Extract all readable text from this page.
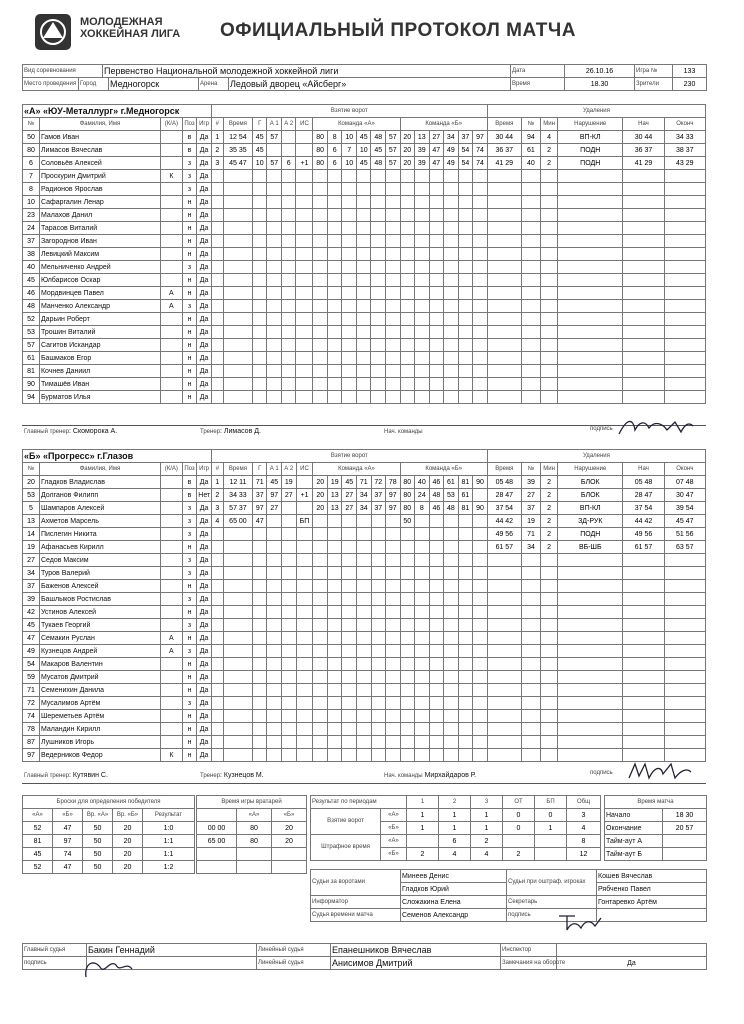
МОЛОДЕЖНАЯ
ХОККЕЙНАЯ ЛИГА ОФИЦИАЛЬНЫЙ ПРОТОКОЛ МАТЧА
Вид соревнования	Первенство Национальной молодежной хоккейной лиги	Дата	26.10.16	Игра №	133
Место проведения	Город	Медногорск	Арена	Ледовый дворец «Айсберг»	Время	18.30	Зрители	230
«А» «ЮУ-Металлург» г.Медногорск					Взятие ворот																		Удаления					
№	Фамилия, Имя	(К/А)	Поз	Игр	#	Время	Г	А 1	А 2	ИС	Команда «А»						Команда «Б»						Время	№	Мин	Нарушение	Нач	Оконч
50	Гамов Иван		в	Да	1	12 54	45	57			80	8	10	45	48	57	20	13	27	34	37	97	30 44	94	4	ВП-КЛ	30 44	34 33
80	Лимасов Вячеслав		в	Да	2	35 35	45				80	6	7	10	45	57	20	39	47	49	54	74	36 37	61	2	ПОДН	36 37	38 37
6	Соловьёв Алексей		з	Да	3	45 47	10	57	6	+1	80	6	10	45	48	57	20	39	47	49	54	74	41 29	40	2	ПОДН	41 29	43 29
7	Проскурин Дмитрий	К	з	Да																								
8	Радионов Ярослав		з	Да																								
10	Сафаргалин Ленар		н	Да																								
23	Малахов Данил		н	Да																								
24	Тарасов Виталий		н	Да																								
37	Загороднов Иван		н	Да																								
38	Левицкий Максим		н	Да																								
40	Мельниченко Андрей		з	Да																								
45	Юлбарисов Оскар		н	Да																								
46	Мордвинцев Павел	А	н	Да																								
48	Манченко Александр	А	з	Да																								
52	Дарьин Роберт		н	Да																								
53	Трошин Виталий		н	Да																								
57	Сагитов Искандар		н	Да																								
61	Башмаков Егор		н	Да																								
81	Кочнев Даниил		н	Да																								
90	Тимашёв Иван		н	Да																								
94	Бурматов Илья		н	Да																								
Главный тренер: Скоморока А.	Тренер: Лимасов Д.	Нач. команды	подпись
«Б» «Прогресс» г.Глазов					Взятие ворот																		Удаления					
№	Фамилия, Имя	(К/А)	Поз	Игр	#	Время	Г	А 1	А 2	ИС	Команда «А»						Команда «Б»						Время	№	Мин	Нарушение	Нач	Оконч
20	Гладков Владислав		в	Да	1	12 11	71	45	19		20	19	45	71	72	78	80	40	46	61	81	90	05 48	39	2	БЛОК	05 48	07 48
53	Долганов Филипп		в	Нет	2	34 33	37	97	27	+1	20	13	27	34	37	97	80	24	48	53	61		28 47	27	2	БЛОК	28 47	30 47
5	Шампаров Алексей		з	Да	3	57 37	97	27			20	13	27	34	37	97	80	8	46	48	81	90	37 54	37	2	ВП-КЛ	37 54	39 54
13	Ахметов Марсель		з	Да	4	65 00	47			БП							50						44 42	19	2	ЗД-РУК	44 42	45 47
14	Пислегин Никита		з	Да																			49 56	71	2	ПОДН	49 56	51 56
19	Афанасьев Кирилл		н	Да																			61 57	34	2	ВБ-ШБ	61 57	63 57
27	Седов Максим		з	Да																								
34	Туров Валерий		з	Да																								
37	Баженов Алексей		н	Да																								
39	Башлыков Ростислав		з	Да																								
42	Устинов Алексей		н	Да																								
45	Тукаев Георгий		з	Да																								
47	Семакин Руслан	А	н	Да																								
49	Кузнецов Андрей	А	з	Да																								
54	Макаров Валентин		н	Да																								
59	Мусатов Дмитрий		н	Да																								
71	Семенихин Данила		н	Да																								
72	Мусалимов Артём		з	Да																								
74	Шереметьев Артём		н	Да																								
78	Маландин Кирилл		н	Да																								
87	Лушников Игорь		н	Да																								
97	Ведерников Федор	К	н	Да																								
Главный тренер: Кутявин С.	Тренер: Кузнецов М.	Нач. команды Мирхайдаров Р.	подпись
Броски для определения победителя				
«А»	«Б»	Вр. «А»	Вр. «Б»	Результат
52	47	50	20	1:0
81	97	50	20	1:1
45	74	50	20	1:1
52	47	50	20	1:2
Время игры вратарей		
	«А»	«Б»
00 00	80	20
65 00	80	20

Результат по периодам		1	2	3	ОТ	БП	Общ
Взятие ворот	«А»	1	1	1	0	0	3
	«Б»	1	1	1	0	1	4
Штрафное время	«А»		6	2			8
	«Б»	2	4	4	2		12
Время матча	
Начало	18 30
Окончание	20 57
Тайм-аут А	
Тайм-аут Б	
Судьи за воротами	Минеев Денис	Судьи при оштраф. игроках	Кошев Вячеслав
	Гладков Юрий		Рябченко Павел
Информатор	Сложакина Елена	Секретарь	Гонтаревко Артём
Судья времени матча	Семенов Александр	подпись	
Главный судья	Бакин Геннадий	Линейный судья	Епанешников Вячеслав	Инспектор	
подпись		Линейный судья	Анисимов Дмитрий	Замечания на обороте	Да
